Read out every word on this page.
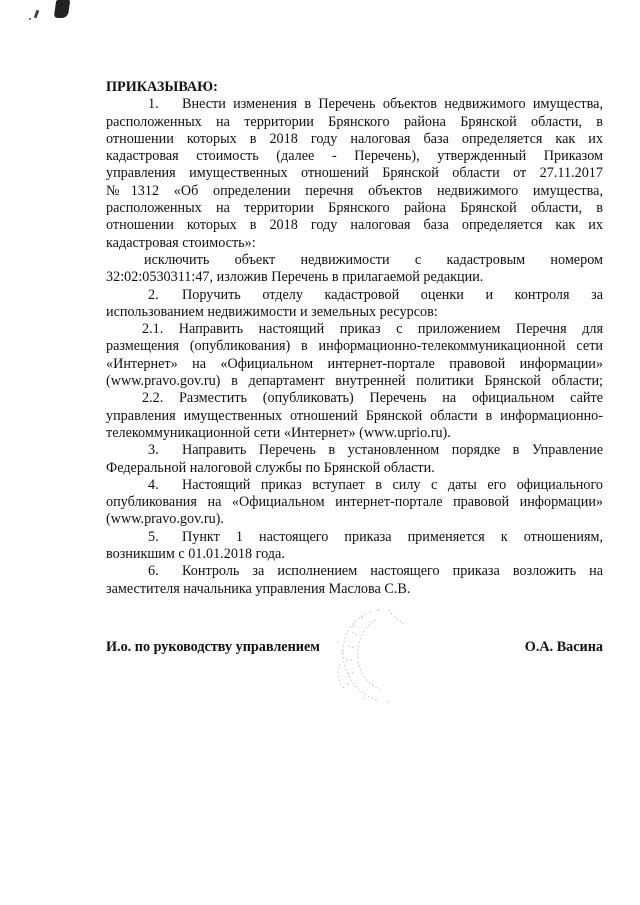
ПРИКАЗЫВАЮ:

1. Внести изменения в Перечень объектов недвижимого имущества,
расположенных на территории Брянского района Брянской области, в
отношении которых в 2018 году налоговая база определяется как их
кадастровая стоимость (далее - Перечень), утвержденный Приказом
управления имущественных отношений Брянской области от 27.11.2017
№1312 «Об определении перечня объектов недвижимого имущества,
расположенных на территории Брянского района Брянской области, в
отношении которых в 2018 году налоговая база определяется как их
кадастровая стоимость»:
исключить объект недвижимости с кадастровым номером
32:02:0530311:47, изложив Перечень в прилагаемой редакции.
2. Поручить отделу кадастровой оценки и контроля за
использованием недвижимости и земельных ресурсов:
2.1. Направить настоящий приказ с приложением Перечня для
размещения (опубликования) в информационно-телекоммуникационной сети
«Интернет» на «Официальном интернет-портале правовой информации»
(www.pravo.gov.ru) в департамент внутренней политики Брянской области;
2.2. Разместить (опубликовать) Перечень на официальном сайте
управления имущественных отношений Брянской области в информационно-
телекоммуникационной сети «Интернет» (www.uprio.ru).
3. Направить Перечень в установленном порядке в Управление
Федеральной налоговой службы по Брянской области.
4. Настоящий приказ вступает в силу с даты его официального
опубликования на «Официальном интернет-портале правовой информации»
(www.pravo.gov.ru).
5. Пункт 1 настоящего приказа применяется к отношениям,
возникшим с 01.01.2018 года.
6. Контроль за исполнением настоящего приказа возложить на
заместителя начальника управления Маслова С.В.
И.о. по руководству управлением	О.А. Васина
